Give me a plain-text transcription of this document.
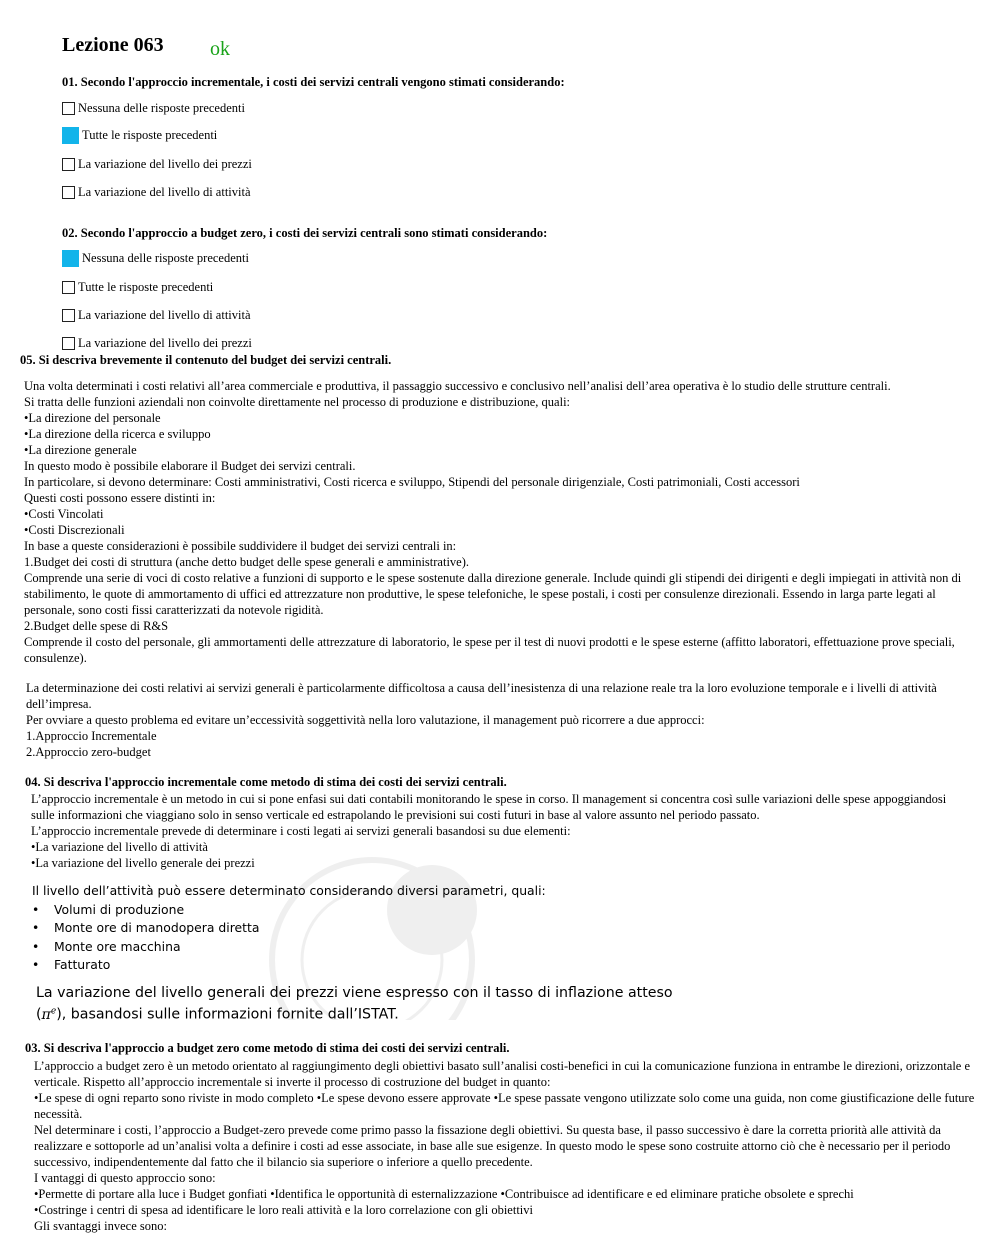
Lezione 063 ok
01. Secondo l'approccio incrementale, i costi dei servizi centrali vengono stimati considerando:
Nessuna delle risposte precedenti
Tutte le risposte precedenti
La variazione del livello dei prezzi
La variazione del livello di attività
02. Secondo l'approccio a budget zero, i costi dei servizi centrali sono stimati considerando:
Nessuna delle risposte precedenti
Tutte le risposte precedenti
La variazione del livello di attività
La variazione del livello dei prezzi
05. Si descriva brevemente il contenuto del budget dei servizi centrali.
Una volta determinati i costi relativi all’area commerciale e produttiva, il passaggio successivo e conclusivo nell’analisi dell’area operativa è lo studio delle strutture centrali.
Si tratta delle funzioni aziendali non coinvolte direttamente nel processo di produzione e distribuzione, quali:
•La direzione del personale
•La direzione della ricerca e sviluppo
•La direzione generale
In questo modo è possibile elaborare il Budget dei servizi centrali.
In particolare, si devono determinare: Costi amministrativi, Costi ricerca e sviluppo, Stipendi del personale dirigenziale, Costi patrimoniali, Costi accessori
Questi costi possono essere distinti in:
•Costi Vincolati
•Costi Discrezionali
In base a queste considerazioni è possibile suddividere il budget dei servizi centrali in:
1.Budget dei costi di struttura (anche detto budget delle spese generali e amministrative).
Comprende una serie di voci di costo relative a funzioni di supporto e le spese sostenute dalla direzione generale. Include quindi gli stipendi dei dirigenti e degli impiegati in attività non di stabilimento, le quote di ammortamento di uffici ed attrezzature non produttive, le spese telefoniche, le spese postali, i costi per consulenze direzionali. Essendo in larga parte legati al personale, sono costi fissi caratterizzati da notevole rigidità.
2.Budget delle spese di R&S
Comprende il costo del personale, gli ammortamenti delle attrezzature di laboratorio, le spese per il test di nuovi prodotti e le spese esterne (affitto laboratori, effettuazione prove speciali, consulenze).
La determinazione dei costi relativi ai servizi generali è particolarmente difficoltosa a causa dell’inesistenza di una relazione reale tra la loro evoluzione temporale e i livelli di attività dell’impresa.
Per ovviare a questo problema ed evitare un’eccessività soggettività nella loro valutazione, il management può ricorrere a due approcci:
1.Approccio Incrementale
2.Approccio zero-budget
04. Si descriva l'approccio incrementale come metodo di stima dei costi dei servizi centrali.
L’approccio incrementale è un metodo in cui si pone enfasi sui dati contabili monitorando le spese in corso. Il management si concentra così sulle variazioni delle spese appoggiandosi sulle informazioni che viaggiano solo in senso verticale ed estrapolando le previsioni sui costi futuri in base al valore assunto nel periodo passato.
L’approccio incrementale prevede di determinare i costi legati ai servizi generali basandosi su due elementi:
•La variazione del livello di attività
•La variazione del livello generale dei prezzi
Il livello dell’attività può essere determinato considerando diversi parametri, quali:
•	Volumi di produzione
•	Monte ore di manodopera diretta
•	Monte ore macchina
•	Fatturato
La variazione del livello generali dei prezzi viene espresso con il tasso di inflazione atteso
$(\pi^e)$, basandosi sulle informazioni fornite dall’ISTAT.
03. Si descriva l'approccio a budget zero come metodo di stima dei costi dei servizi centrali.
L’approccio a budget zero è un metodo orientato al raggiungimento degli obiettivi basato sull’analisi costi-benefici in cui la comunicazione funziona in entrambe le direzioni, orizzontale e verticale. Rispetto all’approccio incrementale si inverte il processo di costruzione del budget in quanto:
•Le spese di ogni reparto sono riviste in modo completo •Le spese devono essere approvate •Le spese passate vengono utilizzate solo come una guida, non come giustificazione delle future necessità.
Nel determinare i costi, l’approccio a Budget-zero prevede come primo passo la fissazione degli obiettivi. Su questa base, il passo successivo è dare la corretta priorità alle attività da realizzare e sottoporle ad un’analisi volta a definire i costi ad esse associate, in base alle sue esigenze. In questo modo le spese sono costruite attorno ciò che è necessario per il periodo successivo, indipendentemente dal fatto che il bilancio sia superiore o inferiore a quello precedente.
I vantaggi di questo approccio sono:
•Permette di portare alla luce i Budget gonfiati •Identifica le opportunità di esternalizzazione •Contribuisce ad identificare e ed eliminare pratiche obsolete e sprechi
•Costringe i centri di spesa ad identificare le loro reali attività e la loro correlazione con gli obiettivi
Gli svantaggi invece sono:
